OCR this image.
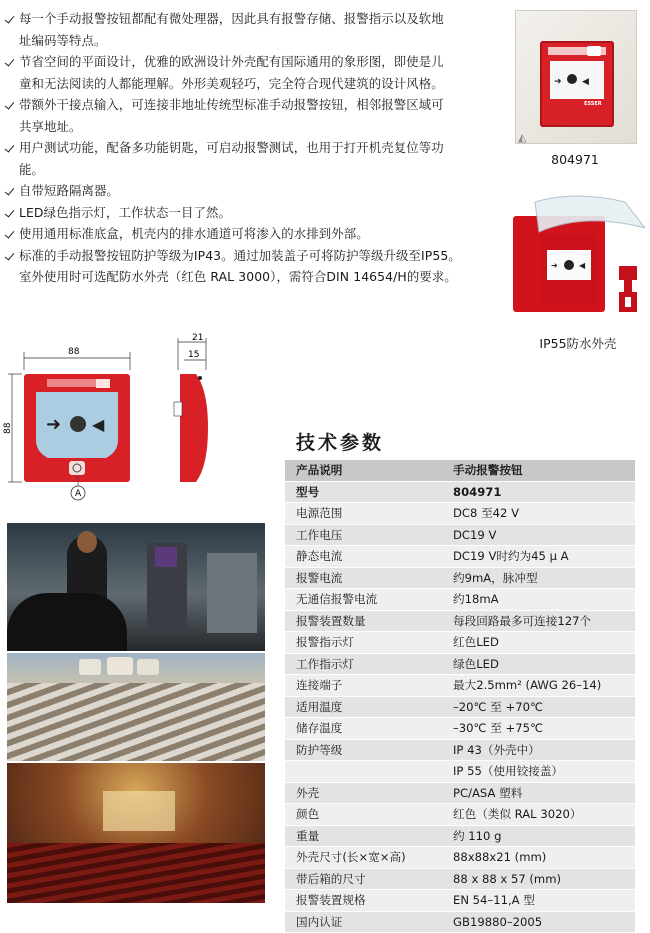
每一个手动报警按钮都配有微处理器，因此具有报警存储、报警指示以及软地
址编码等特点。
节省空间的平面设计，优雅的欧洲设计外壳配有国际通用的象形图，即使是儿
童和无法阅读的人都能理解。外形美观轻巧，完全符合现代建筑的设计风格。
带额外干接点输入，可连接非地址传统型标准手动报警按钮，相邻报警区域可
共享地址。
用户测试功能，配备多功能钥匙，可启动报警测试，也用于打开机壳复位等功
能。
自带短路隔离器。
LED绿色指示灯，工作状态一目了然。
使用通用标准底盒，机壳内的排水通道可将渗入的水排到外部。
标准的手动报警按钮防护等级为IP43。通过加装盖子可将防护等级升级至IP55。
室外使用时可选配防水外壳（红色 RAL 3000），需符合DIN 14654/H的要求。
➜ ◀
ESSER
◭
804971
➜	◀
IP55防水外壳
➜ ◀
A
88
88
21
15
技术参数
产品说明	手动报警按钮
型号	804971
电源范围	DC8 至42 V
工作电压	DC19 V
静态电流	DC19 V时约为45 μ A
报警电流	约9mA，脉冲型
无通信报警电流	约18mA
报警装置数量	每段回路最多可连接127个
报警指示灯	红色LED
工作指示灯	绿色LED
连接端子	最大2.5mm² (AWG 26–14)
适用温度	–20℃ 至 +70℃
储存温度	–30℃ 至 +75℃
防护等级	IP 43（外壳中）
	IP 55（使用铰接盖）
外壳	PC/ASA 塑料
颜色	红色（类似 RAL 3020）
重量	约 110 g
外壳尺寸(长×宽×高)	88x88x21 (mm)
带后箱的尺寸	88 x 88 x 57 (mm)
报警装置规格	EN 54–11,A 型
国内认证	GB19880–2005
